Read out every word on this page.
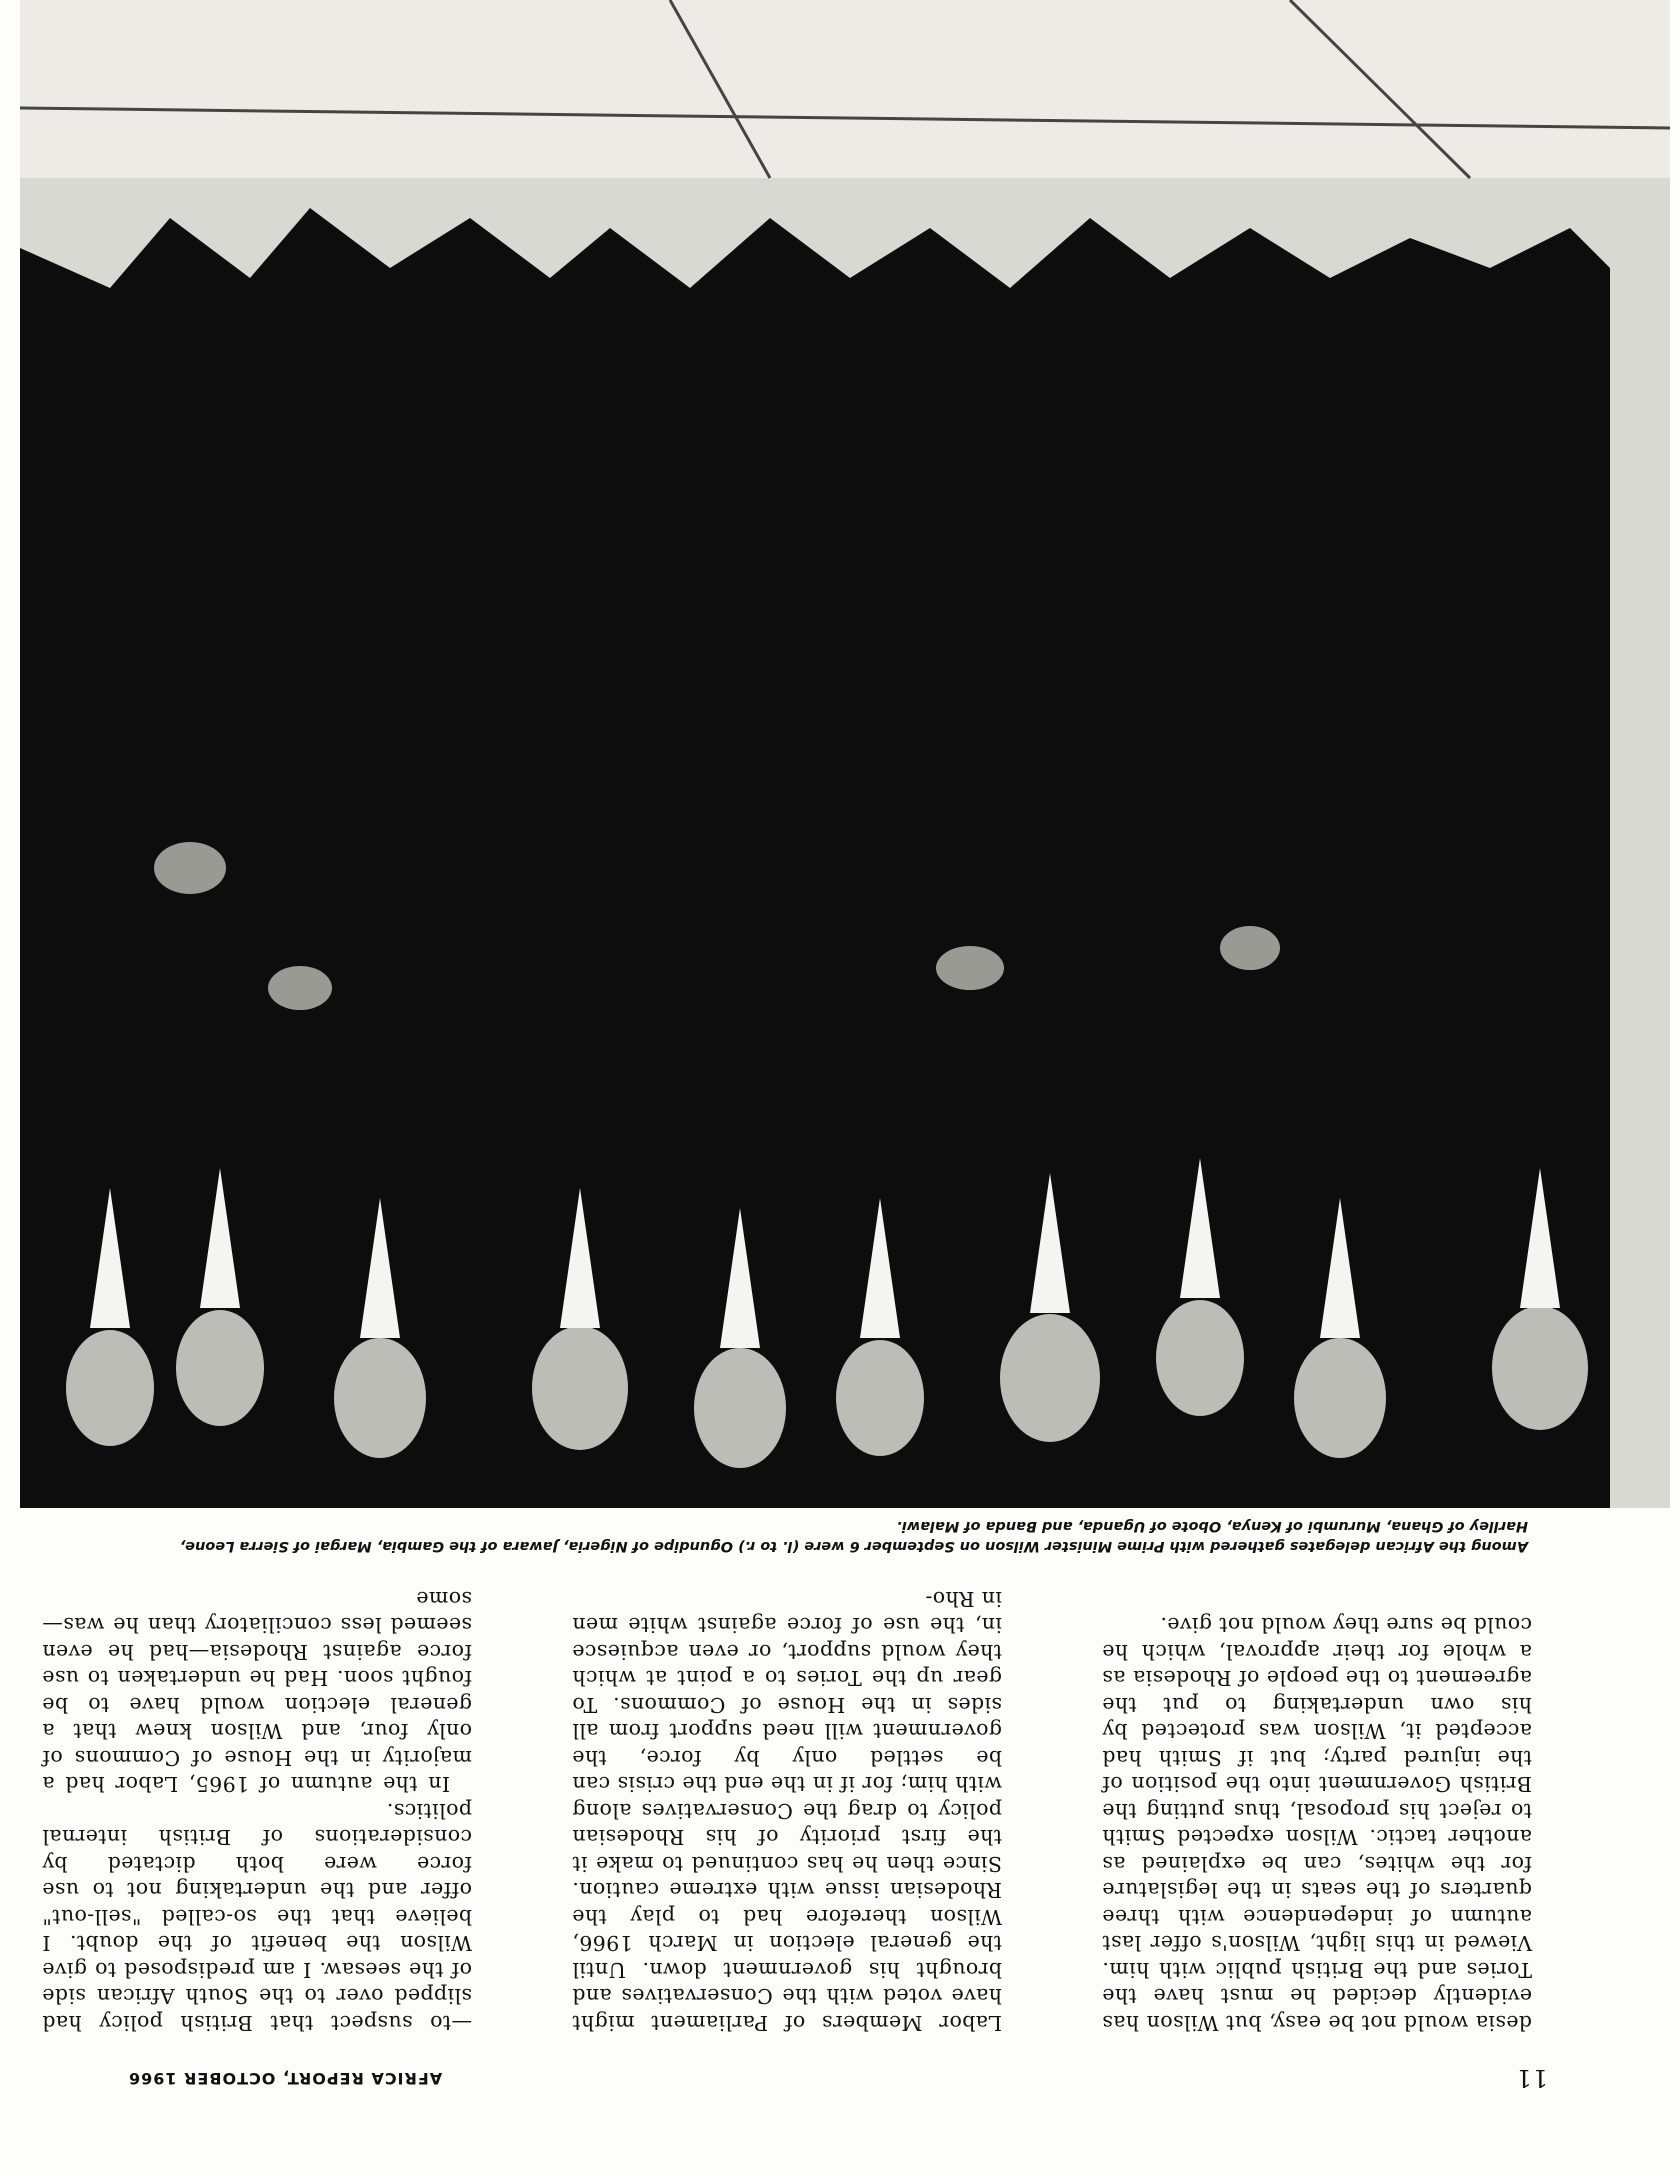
11
AFRICA REPORT, OCTOBER 1966

—to suspect that British policy had slipped over to the South African side of the seesaw. I am predisposed to give Wilson the benefit of the doubt. I believe that the so-called "sell-out" offer and the undertaking not to use force were both dictated by considerations of British internal politics.

In the autumn of 1965, Labor had a majority in the House of Commons of only four, and Wilson knew that a general election would have to be fought soon. Had he undertaken to use force against Rhodesia—had he even seemed less conciliatory than he was—some

Labor Members of Parliament might have voted with the Conservatives and brought his government down. Until the general election in March 1966, Wilson therefore had to play the Rhodesian issue with extreme caution. Since then he has continued to make it the first priority of his Rhodesian policy to drag the Conservatives along with him; for if in the end the crisis can be settled only by force, the government will need support from all sides in the House of Commons. To gear up the Tories to a point at which they would support, or even acquiesce in, the use of force against white men in Rho-

desia would not be easy, but Wilson has evidently decided he must have the Tories and the British public with him. Viewed in this light, Wilson's offer last autumn of independence with three quarters of the seats in the legislature for the whites, can be explained as another tactic. Wilson expected Smith to reject his proposal, thus putting the British Government into the position of the injured party; but if Smith had accepted it, Wilson was protected by his own undertaking to put the agreement to the people of Rhodesia as a whole for their approval, which he could be sure they would not give.

Among the African delegates gathered with Prime Minister Wilson on September 6 were (l. to r.) Ogundipe of Nigeria, Jawara of the Gambia, Margai of Sierra Leone, Harlley of Ghana, Murumbi of Kenya, Obote of Uganda, and Banda of Malawi.
